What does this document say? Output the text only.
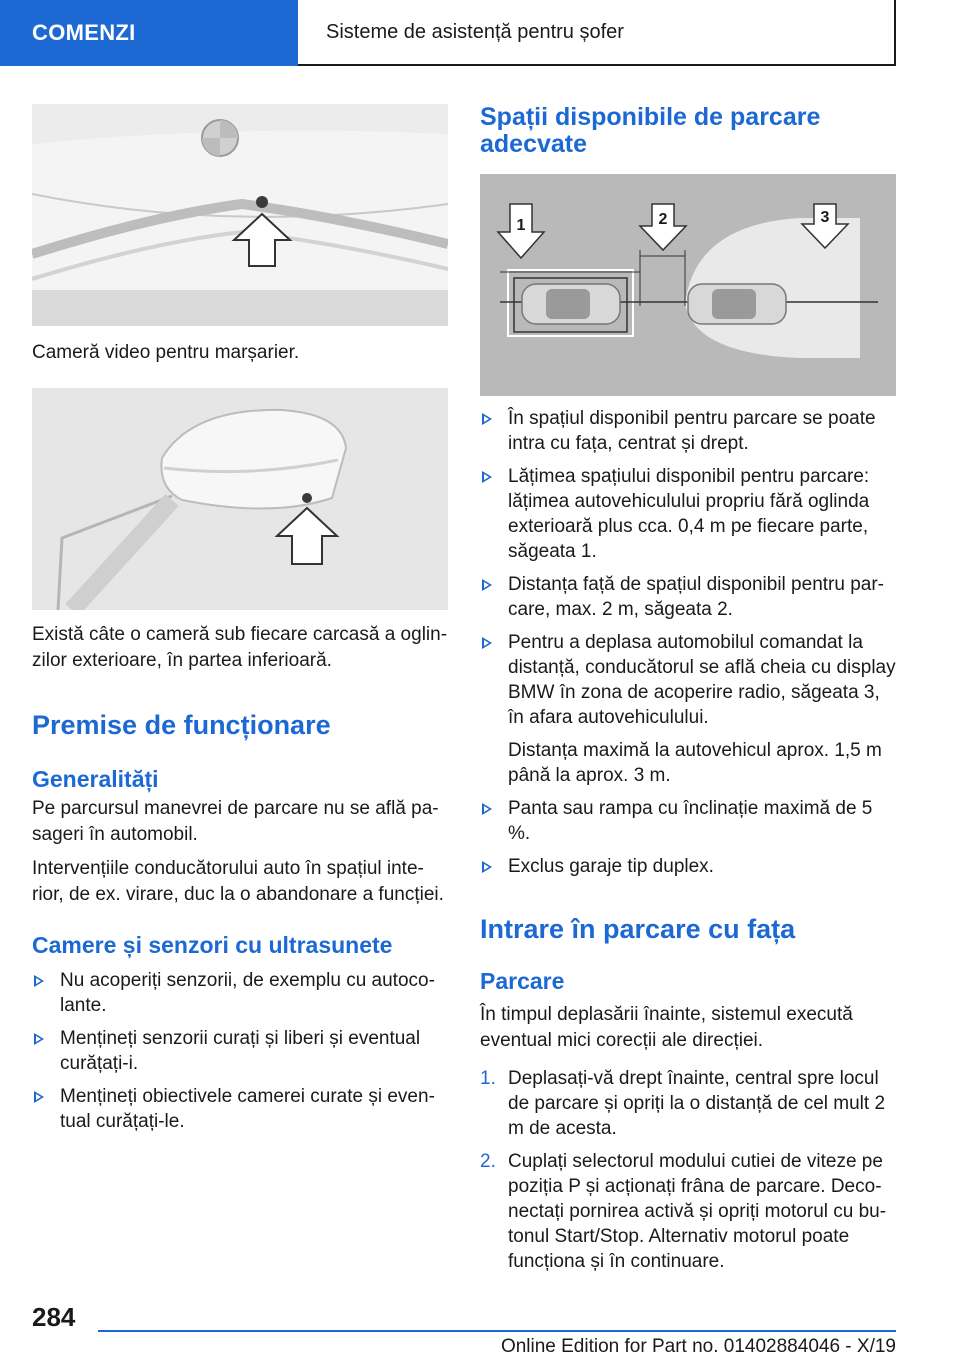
COMENZI	Sisteme de asistență pentru șofer
Cameră video pentru marșarier.
Există câte o cameră sub fiecare carcasă a oglin-zilor exterioare, în partea inferioară.
Premise de funcționare
Generalități
Pe parcursul manevrei de parcare nu se află pa-sageri în automobil.
Intervențiile conducătorului auto în spațiul inte-rior, de ex. virare, duc la o abandonare a funcției.
Camere și senzori cu ultrasunete
Nu acoperiți senzorii, de exemplu cu autoco-lante.
Mențineți senzorii curați și liberi și eventual curățați-i.
Mențineți obiectivele camerei curate și even-tual curățați-le.
Spații disponibile de parcare adecvate
1	2	3
În spațiul disponibil pentru parcare se poate intra cu fața, centrat și drept.
Lățimea spațiului disponibil pentru parcare: lățimea autovehiculului propriu fără oglinda exterioară plus cca. 0,4 m pe fiecare parte, săgeata 1.
Distanța față de spațiul disponibil pentru par-care, max. 2 m, săgeata 2.
Pentru a deplasa automobilul comandat la distanță, conducătorul se află cheia cu display BMW în zona de acoperire radio, săgeata 3, în afara autovehiculului.
Distanța maximă la autovehicul aprox. 1,5 m până la aprox. 3 m.
Panta sau rampa cu înclinație maximă de 5 %.
Exclus garaje tip duplex.
Intrare în parcare cu fața
Parcare
În timpul deplasării înainte, sistemul execută eventual mici corecții ale direcției.
1. Deplasați-vă drept înainte, central spre locul de parcare și opriți la o distanță de cel mult 2 m de acesta.
2. Cuplați selectorul modului cutiei de viteze pe poziția P și acționați frâna de parcare. Deco-nectați pornirea activă și opriți motorul cu bu-tonul Start/Stop. Alternativ motorul poate funcționa și în continuare.
284
Online Edition for Part no. 01402884046 - X/19
